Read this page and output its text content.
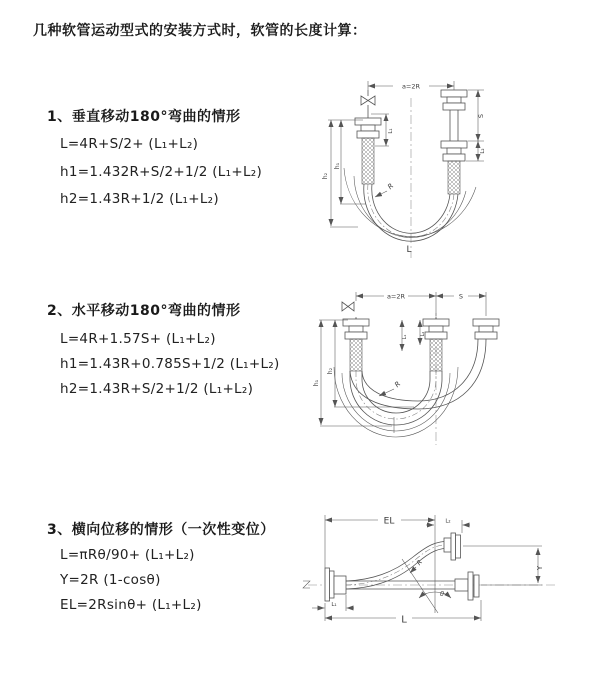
几种软管运动型式的安装方式时，软管的长度计算：
1、垂直移动180°弯曲的情形
L=4R+S/2+ (L₁+L₂)
h1=1.432R+S/2+1/2 (L₁+L₂)
h2=1.43R+1/2 (L₁+L₂)
2、水平移动180°弯曲的情形
L=4R+1.57S+ (L₁+L₂)
h1=1.43R+0.785S+1/2 (L₁+L₂)
h2=1.43R+S/2+1/2 (L₁+L₂)
3、横向位移的情形（一次性变位）
L=πRθ/90+ (L₁+L₂)
Y=2R (1-cosθ)
EL=2Rsinθ+ (L₁+L₂)
a=2R
h₂
h₁
L₁
S
L₂
R
L
a=2R	S
h₁
h₂
L₁
L₂
R
EL	L₂
θ
Y
R
L₁
L
